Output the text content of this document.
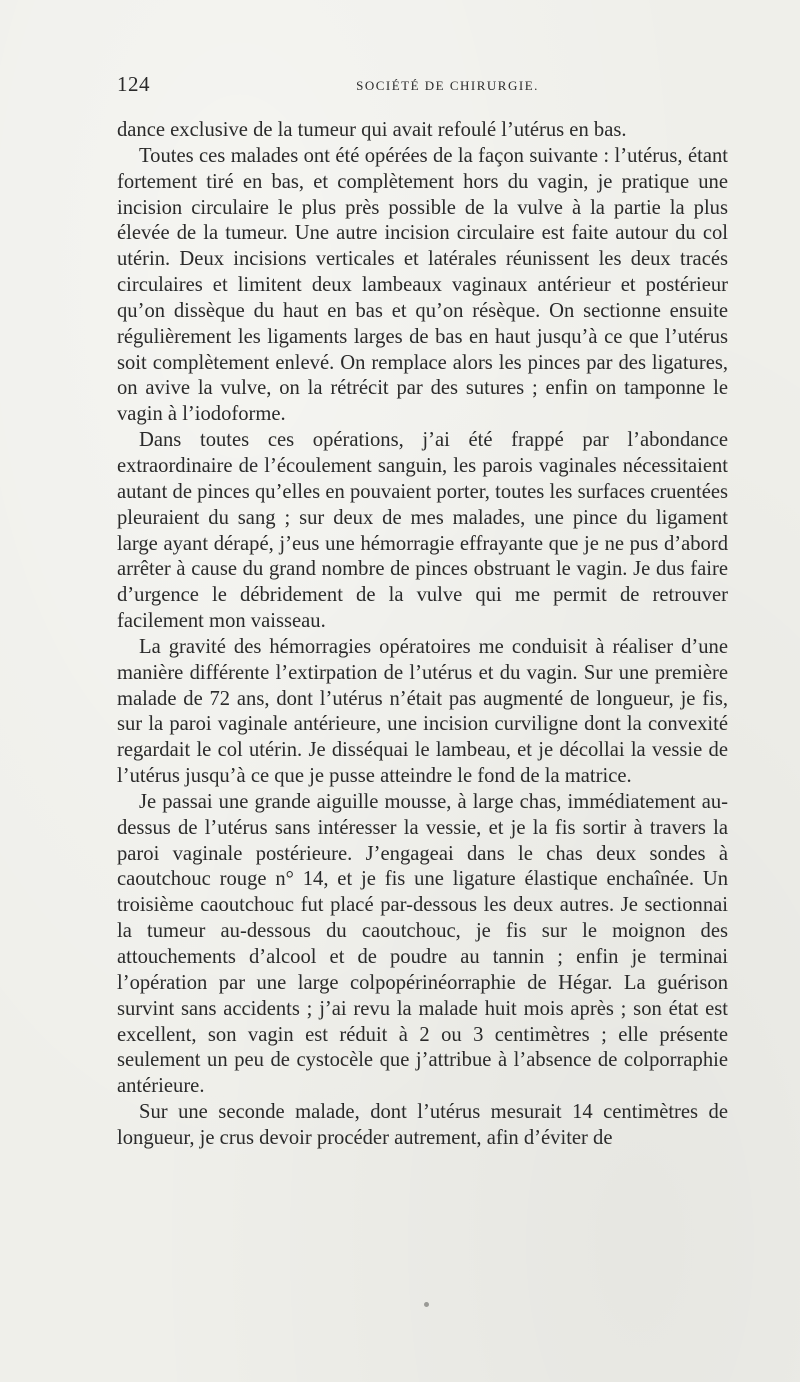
124	SOCIÉTÉ DE CHIRURGIE.

dance exclusive de la tumeur qui avait refoulé l’utérus en bas.

Toutes ces malades ont été opérées de la façon suivante : l’utérus, étant fortement tiré en bas, et complètement hors du vagin, je pratique une incision circulaire le plus près possible de la vulve à la partie la plus élevée de la tumeur. Une autre incision circulaire est faite autour du col utérin. Deux incisions verticales et latérales réunissent les deux tracés circulaires et limitent deux lambeaux vaginaux antérieur et postérieur qu’on dissèque du haut en bas et qu’on résèque. On sectionne ensuite régulièrement les ligaments larges de bas en haut jusqu’à ce que l’utérus soit complètement enlevé. On remplace alors les pinces par des ligatures, on avive la vulve, on la rétrécit par des sutures ; enfin on tamponne le vagin à l’iodoforme.

Dans toutes ces opérations, j’ai été frappé par l’abondance extraordinaire de l’écoulement sanguin, les parois vaginales nécessitaient autant de pinces qu’elles en pouvaient porter, toutes les surfaces cruentées pleuraient du sang ; sur deux de mes malades, une pince du ligament large ayant dérapé, j’eus une hémorragie effrayante que je ne pus d’abord arrêter à cause du grand nombre de pinces obstruant le vagin. Je dus faire d’urgence le débridement de la vulve qui me permit de retrouver facilement mon vaisseau.

La gravité des hémorragies opératoires me conduisit à réaliser d’une manière différente l’extirpation de l’utérus et du vagin. Sur une première malade de 72 ans, dont l’utérus n’était pas augmenté de longueur, je fis, sur la paroi vaginale antérieure, une incision curviligne dont la convexité regardait le col utérin. Je disséquai le lambeau, et je décollai la vessie de l’utérus jusqu’à ce que je pusse atteindre le fond de la matrice.

Je passai une grande aiguille mousse, à large chas, immédiatement au-dessus de l’utérus sans intéresser la vessie, et je la fis sortir à travers la paroi vaginale postérieure. J’engageai dans le chas deux sondes à caoutchouc rouge n° 14, et je fis une ligature élastique enchaînée. Un troisième caoutchouc fut placé par-dessous les deux autres. Je sectionnai la tumeur au-dessous du caoutchouc, je fis sur le moignon des attouchements d’alcool et de poudre au tannin ; enfin je terminai l’opération par une large colpopérinéorraphie de Hégar. La guérison survint sans accidents ; j’ai revu la malade huit mois après ; son état est excellent, son vagin est réduit à 2 ou 3 centimètres ; elle présente seulement un peu de cystocèle que j’attribue à l’absence de colporraphie antérieure.

Sur une seconde malade, dont l’utérus mesurait 14 centimètres de longueur, je crus devoir procéder autrement, afin d’éviter de
